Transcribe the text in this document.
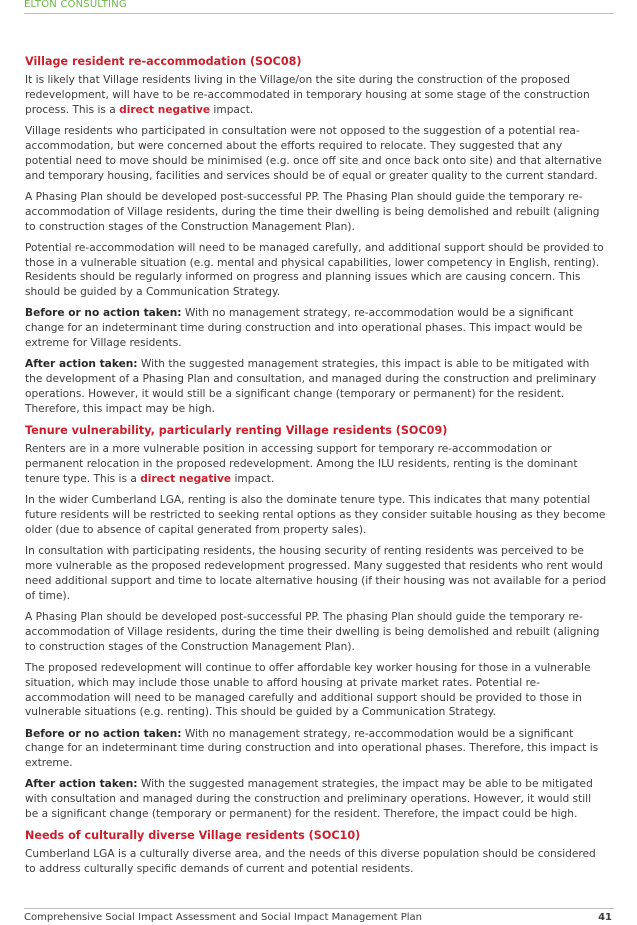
ELTON CONSULTING
Village resident re-accommodation (SOC08)

It is likely that Village residents living in the Village/on the site during the construction of the proposed redevelopment, will have to be re-accommodated in temporary housing at some stage of the construction process. This is a direct negative impact.

Village residents who participated in consultation were not opposed to the suggestion of a potential rea-accommodation, but were concerned about the efforts required to relocate. They suggested that any potential need to move should be minimised (e.g. once off site and once back onto site) and that alternative and temporary housing, facilities and services should be of equal or greater quality to the current standard.

A Phasing Plan should be developed post-successful PP. The Phasing Plan should guide the temporary re-accommodation of Village residents, during the time their dwelling is being demolished and rebuilt (aligning to construction stages of the Construction Management Plan).

Potential re-accommodation will need to be managed carefully, and additional support should be provided to those in a vulnerable situation (e.g. mental and physical capabilities, lower competency in English, renting). Residents should be regularly informed on progress and planning issues which are causing concern. This should be guided by a Communication Strategy.

Before or no action taken: With no management strategy, re-accommodation would be a significant change for an indeterminant time during construction and into operational phases. This impact would be extreme for Village residents.

After action taken: With the suggested management strategies, this impact is able to be mitigated with the development of a Phasing Plan and consultation, and managed during the construction and preliminary operations. However, it would still be a significant change (temporary or permanent) for the resident. Therefore, this impact may be high.

Tenure vulnerability, particularly renting Village residents (SOC09)

Renters are in a more vulnerable position in accessing support for temporary re-accommodation or permanent relocation in the proposed redevelopment. Among the ILU residents, renting is the dominant tenure type. This is a direct negative impact.

In the wider Cumberland LGA, renting is also the dominate tenure type. This indicates that many potential future residents will be restricted to seeking rental options as they consider suitable housing as they become older (due to absence of capital generated from property sales).

In consultation with participating residents, the housing security of renting residents was perceived to be more vulnerable as the proposed redevelopment progressed. Many suggested that residents who rent would need additional support and time to locate alternative housing (if their housing was not available for a period of time).

A Phasing Plan should be developed post-successful PP. The phasing Plan should guide the temporary re-accommodation of Village residents, during the time their dwelling is being demolished and rebuilt (aligning to construction stages of the Construction Management Plan).

The proposed redevelopment will continue to offer affordable key worker housing for those in a vulnerable situation, which may include those unable to afford housing at private market rates. Potential re-accommodation will need to be managed carefully and additional support should be provided to those in vulnerable situations (e.g. renting). This should be guided by a Communication Strategy.

Before or no action taken: With no management strategy, re-accommodation would be a significant change for an indeterminant time during construction and into operational phases. Therefore, this impact is extreme.

After action taken: With the suggested management strategies, the impact may be able to be mitigated with consultation and managed during the construction and preliminary operations. However, it would still be a significant change (temporary or permanent) for the resident. Therefore, the impact could be high.

Needs of culturally diverse Village residents (SOC10)

Cumberland LGA is a culturally diverse area, and the needs of this diverse population should be considered to address culturally specific demands of current and potential residents.

Comprehensive Social Impact Assessment and Social Impact Management Plan	41
